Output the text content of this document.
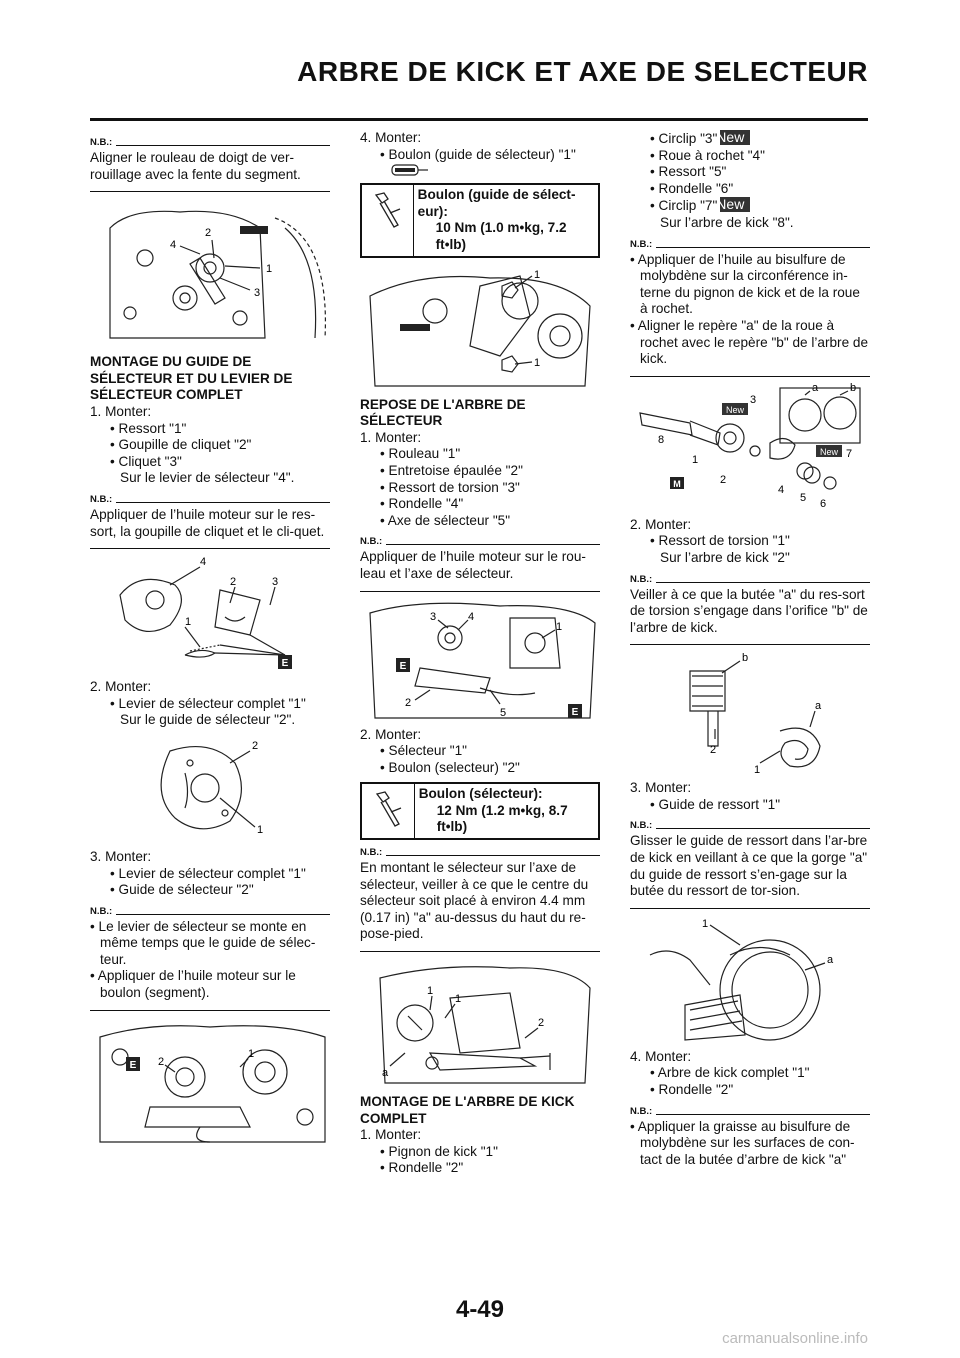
ARBRE DE KICK ET AXE DE SELECTEUR
N.B.:
Aligner le rouleau de doigt de ver-rouillage avec la fente du segment.
2
1
3
4
MONTAGE DU GUIDE DE SÉLECTEUR ET DU LEVIER DE SÉLECTEUR COMPLET
1. Monter:
• Ressort "1"
• Goupille de cliquet "2"
• Cliquet "3"
Sur le levier de sélecteur "4".
N.B.:
Appliquer de l’huile moteur sur le res-sort, la goupille de cliquet et le cli-quet.
4
2	3
1
E
2. Monter:
• Levier de sélecteur complet "1"
Sur le guide de sélecteur "2".
2
1
3. Monter:
• Levier de sélecteur complet "1"
• Guide de sélecteur "2"
N.B.:
• Le levier de sélecteur se monte en même temps que le guide de sélec-teur.
• Appliquer de l’huile moteur sur le boulon (segment).
2
1
E
4. Monter:
• Boulon (guide de sélecteur) "1"
Boulon (guide de sélect-eur):
10 Nm (1.0 m•kg, 7.2 ft•lb)
1
1
REPOSE DE L'ARBRE DE SÉLECTEUR
1. Monter:
• Rouleau "1"
• Entretoise épaulée "2"
• Ressort de torsion "3"
• Rondelle "4"
• Axe de sélecteur "5"
N.B.:
Appliquer de l’huile moteur sur le rou-leau et l’axe de sélecteur.
3	4
1
2
5
E
E
2. Monter:
• Sélecteur "1"
• Boulon (selecteur) "2"
Boulon (sélecteur):
12 Nm (1.2 m•kg, 8.7 ft•lb)
N.B.:
En montant le sélecteur sur l’axe de sélecteur, veiller à ce que le centre du sélecteur soit placé à environ 4.4 mm (0.17 in) "a" au-dessus du haut du re-pose-pied.
1
1
2
a
MONTAGE DE L'ARBRE DE KICK COMPLET
1. Monter:
• Pignon de kick "1"
• Rondelle "2"
• Circlip "3"New
• Roue à rochet "4"
• Ressort "5"
• Rondelle "6"
• Circlip "7"New
Sur l’arbre de kick "8".
N.B.:
• Appliquer de l’huile au bisulfure de molybdène sur la circonférence in-terne du pignon de kick et de la roue à rochet.
• Aligner le repère "a" de la roue à rochet avec le repère "b" de l’arbre de kick.
New
New
M
8
3
1
2
4
5 6
7
a	b
2. Monter:
• Ressort de torsion "1"
Sur l’arbre de kick "2"
N.B.:
Veiller à ce que la butée "a" du res-sort de torsion s’engage dans l’orifice "b" de l’arbre de kick.
b
a
2
1
3. Monter:
• Guide de ressort "1"
N.B.:
Glisser le guide de ressort dans l’ar-bre de kick en veillant à ce que la gorge "a" du guide de ressort s’en-gage sur la butée du ressort de tor-sion.
1
a
4. Monter:
• Arbre de kick complet "1"
• Rondelle "2"
N.B.:
• Appliquer la graisse au bisulfure de molybdène sur les surfaces de con-tact de la butée d’arbre de kick "a"
4-49
carmanualsonline.info
